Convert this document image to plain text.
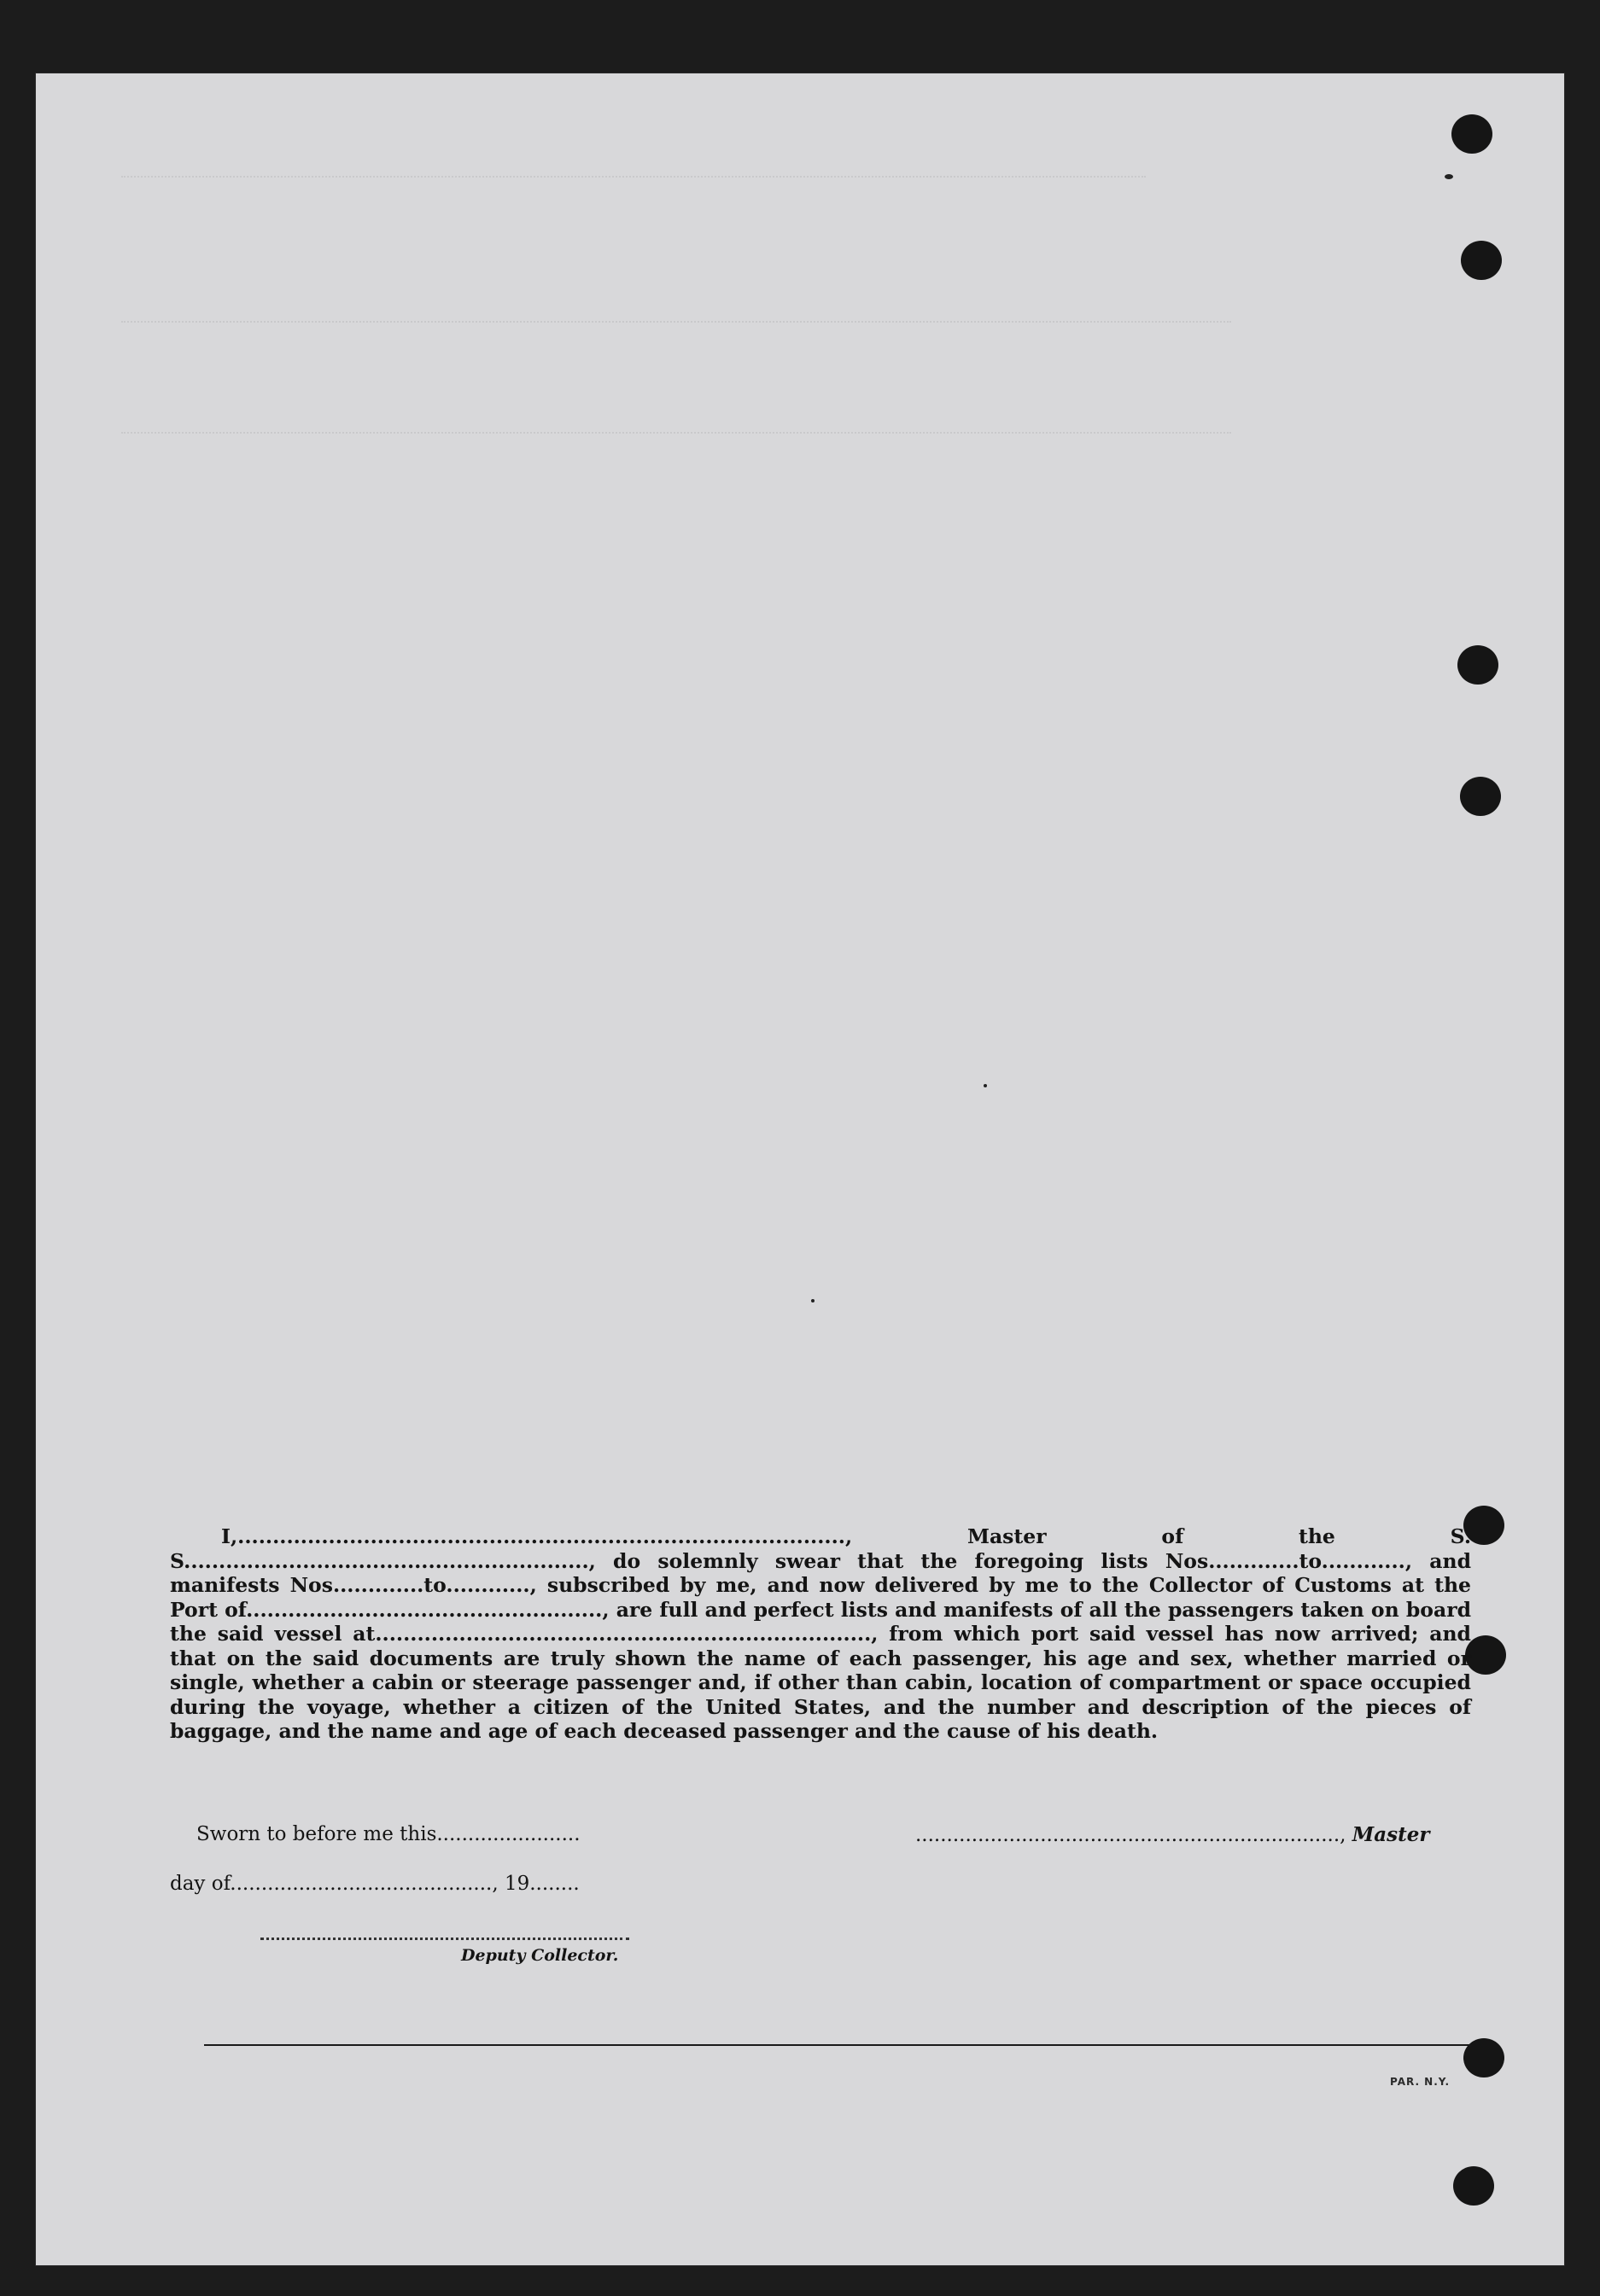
I,......................................................................................., Master of the S. S.........................................................., do solemnly swear that the foregoing lists Nos.............to............, and manifests Nos.............to............, subscribed by me, and now delivered by me to the Collector of Customs at the Port of..................................................., are full and perfect lists and manifests of all the passengers taken on board the said vessel at......................................................................., from which port said vessel has now arrived; and that on the said documents are truly shown the name of each passenger, his age and sex, whether married or single, whether a cabin or steerage passenger and, if other than cabin, location of compartment or space occupied during the voyage, whether a citizen of the United States, and the number and description of the pieces of baggage, and the name and age of each deceased passenger and the cause of his death.

Sworn to before me this.......................	...................................................................., Master
day of.........................................., 19........
Deputy Collector.
PAR. N.Y.
